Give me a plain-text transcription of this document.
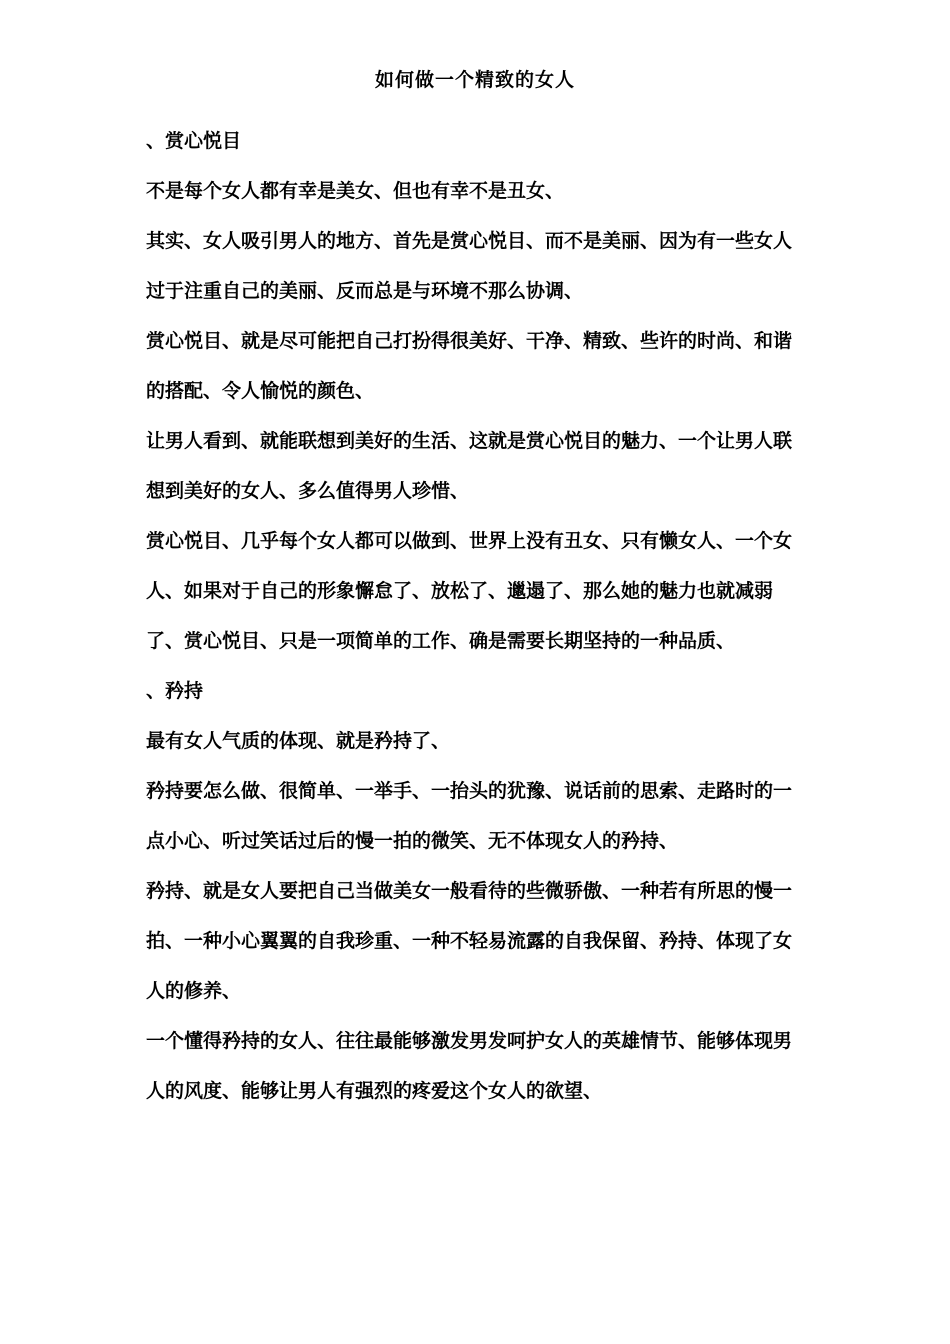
如何做一个精致的女人

、赏心悦目

不是每个女人都有幸是美女、但也有幸不是丑女、

其实、女人吸引男人的地方、首先是赏心悦目、而不是美丽、因为有一些女人过于注重自己的美丽、反而总是与环境不那么协调、

赏心悦目、就是尽可能把自己打扮得很美好、干净、精致、些许的时尚、和谐的搭配、令人愉悦的颜色、

让男人看到、就能联想到美好的生活、这就是赏心悦目的魅力、一个让男人联想到美好的女人、多么值得男人珍惜、

赏心悦目、几乎每个女人都可以做到、世界上没有丑女、只有懒女人、一个女人、如果对于自己的形象懈怠了、放松了、邋遢了、那么她的魅力也就减弱了、赏心悦目、只是一项简单的工作、确是需要长期坚持的一种品质、

、矜持

最有女人气质的体现、就是矜持了、

矜持要怎么做、很简单、一举手、一抬头的犹豫、说话前的思索、走路时的一点小心、听过笑话过后的慢一拍的微笑、无不体现女人的矜持、

矜持、就是女人要把自己当做美女一般看待的些微骄傲、一种若有所思的慢一拍、一种小心翼翼的自我珍重、一种不轻易流露的自我保留、矜持、体现了女人的修养、

一个懂得矜持的女人、往往最能够激发男发呵护女人的英雄情节、能够体现男人的风度、能够让男人有强烈的疼爱这个女人的欲望、
